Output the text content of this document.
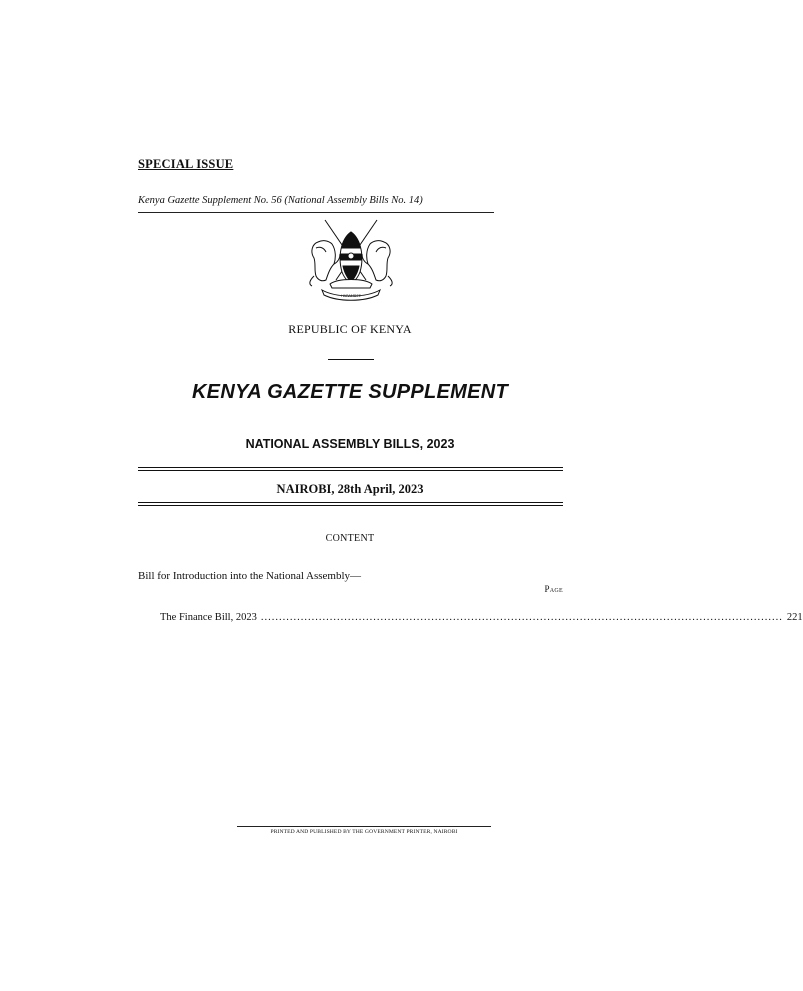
SPECIAL ISSUE
Kenya Gazette Supplement No. 56 (National Assembly Bills No. 14)
HARAMBEE
REPUBLIC OF KENYA
KENYA GAZETTE SUPPLEMENT
NATIONAL ASSEMBLY BILLS, 2023
NAIROBI, 28th April, 2023
CONTENT
Bill for Introduction into the National Assembly—
Page
The Finance Bill, 2023 ................................................................................................................................................ 221
PRINTED AND PUBLISHED BY THE GOVERNMENT PRINTER, NAIROBI
